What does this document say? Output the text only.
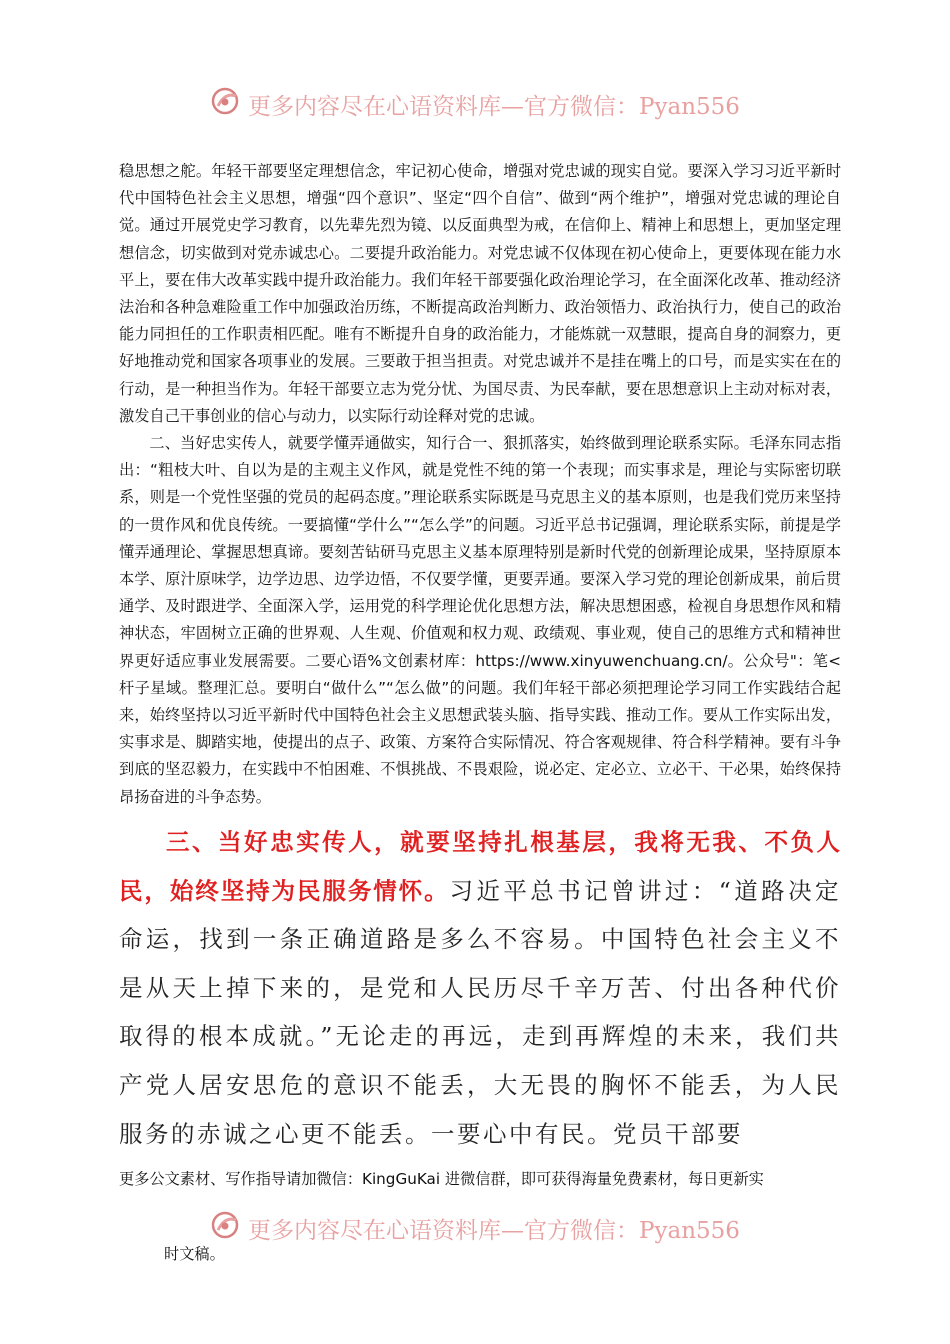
更多内容尽在心语资料库—官方微信：Pyan556

稳思想之舵。年轻干部要坚定理想信念，牢记初心使命，增强对党忠诚的现实自觉。要深入学习习近平新时代中国特色社会主义思想，增强“四个意识”、坚定“四个自信”、做到“两个维护”，增强对党忠诚的理论自觉。通过开展党史学习教育，以先辈先烈为镜、以反面典型为戒，在信仰上、精神上和思想上，更加坚定理想信念，切实做到对党赤诚忠心。二要提升政治能力。对党忠诚不仅体现在初心使命上，更要体现在能力水平上，要在伟大改革实践中提升政治能力。我们年轻干部要强化政治理论学习，在全面深化改革、推动经济法治和各种急难险重工作中加强政治历练，不断提高政治判断力、政治领悟力、政治执行力，使自己的政治能力同担任的工作职责相匹配。唯有不断提升自身的政治能力，才能炼就一双慧眼，提高自身的洞察力，更好地推动党和国家各项事业的发展。三要敢于担当担责。对党忠诚并不是挂在嘴上的口号，而是实实在在的行动，是一种担当作为。年轻干部要立志为党分忧、为国尽责、为民奉献，要在思想意识上主动对标对表，激发自己干事创业的信心与动力，以实际行动诠释对党的忠诚。

二、当好忠实传人，就要学懂弄通做实，知行合一、狠抓落实，始终做到理论联系实际。毛泽东同志指出：“粗枝大叶、自以为是的主观主义作风，就是党性不纯的第一个表现；而实事求是，理论与实际密切联系，则是一个党性坚强的党员的起码态度。”理论联系实际既是马克思主义的基本原则，也是我们党历来坚持的一贯作风和优良传统。一要搞懂“学什么”“怎么学”的问题。习近平总书记强调，理论联系实际，前提是学懂弄通理论、掌握思想真谛。要刻苦钻研马克思主义基本原理特别是新时代党的创新理论成果，坚持原原本本学、原汁原味学，边学边思、边学边悟，不仅要学懂，更要弄通。要深入学习党的理论创新成果，前后贯通学、及时跟进学、全面深入学，运用党的科学理论优化思想方法，解决思想困惑，检视自身思想作风和精神状态，牢固树立正确的世界观、人生观、价值观和权力观、政绩观、事业观，使自己的思维方式和精神世界更好适应事业发展需要。二要心语%文创素材库：https://www.xinyuwenchuang.cn/。公众号"：笔<杆子星域。整理汇总。要明白“做什么”“怎么做”的问题。我们年轻干部必须把理论学习同工作实践结合起来，始终坚持以习近平新时代中国特色社会主义思想武装头脑、指导实践、推动工作。要从工作实际出发，实事求是、脚踏实地，使提出的点子、政策、方案符合实际情况、符合客观规律、符合科学精神。要有斗争到底的坚忍毅力，在实践中不怕困难、不惧挑战、不畏艰险，说必定、定必立、立必干、干必果，始终保持昂扬奋进的斗争态势。

三、当好忠实传人，就要坚持扎根基层，我将无我、不负人民，始终坚持为民服务情怀。习近平总书记曾讲过：“道路决定命运，找到一条正确道路是多么不容易。中国特色社会主义不是从天上掉下来的，是党和人民历尽千辛万苦、付出各种代价取得的根本成就。”无论走的再远，走到再辉煌的未来，我们共产党人居安思危的意识不能丢，大无畏的胸怀不能丢，为人民服务的赤诚之心更不能丢。一要心中有民。党员干部要

更多公文素材、写作指导请加微信：KingGuKai 进微信群，即可获得海量免费素材，每日更新实
更多内容尽在心语资料库—官方微信：Pyan556
时文稿。
